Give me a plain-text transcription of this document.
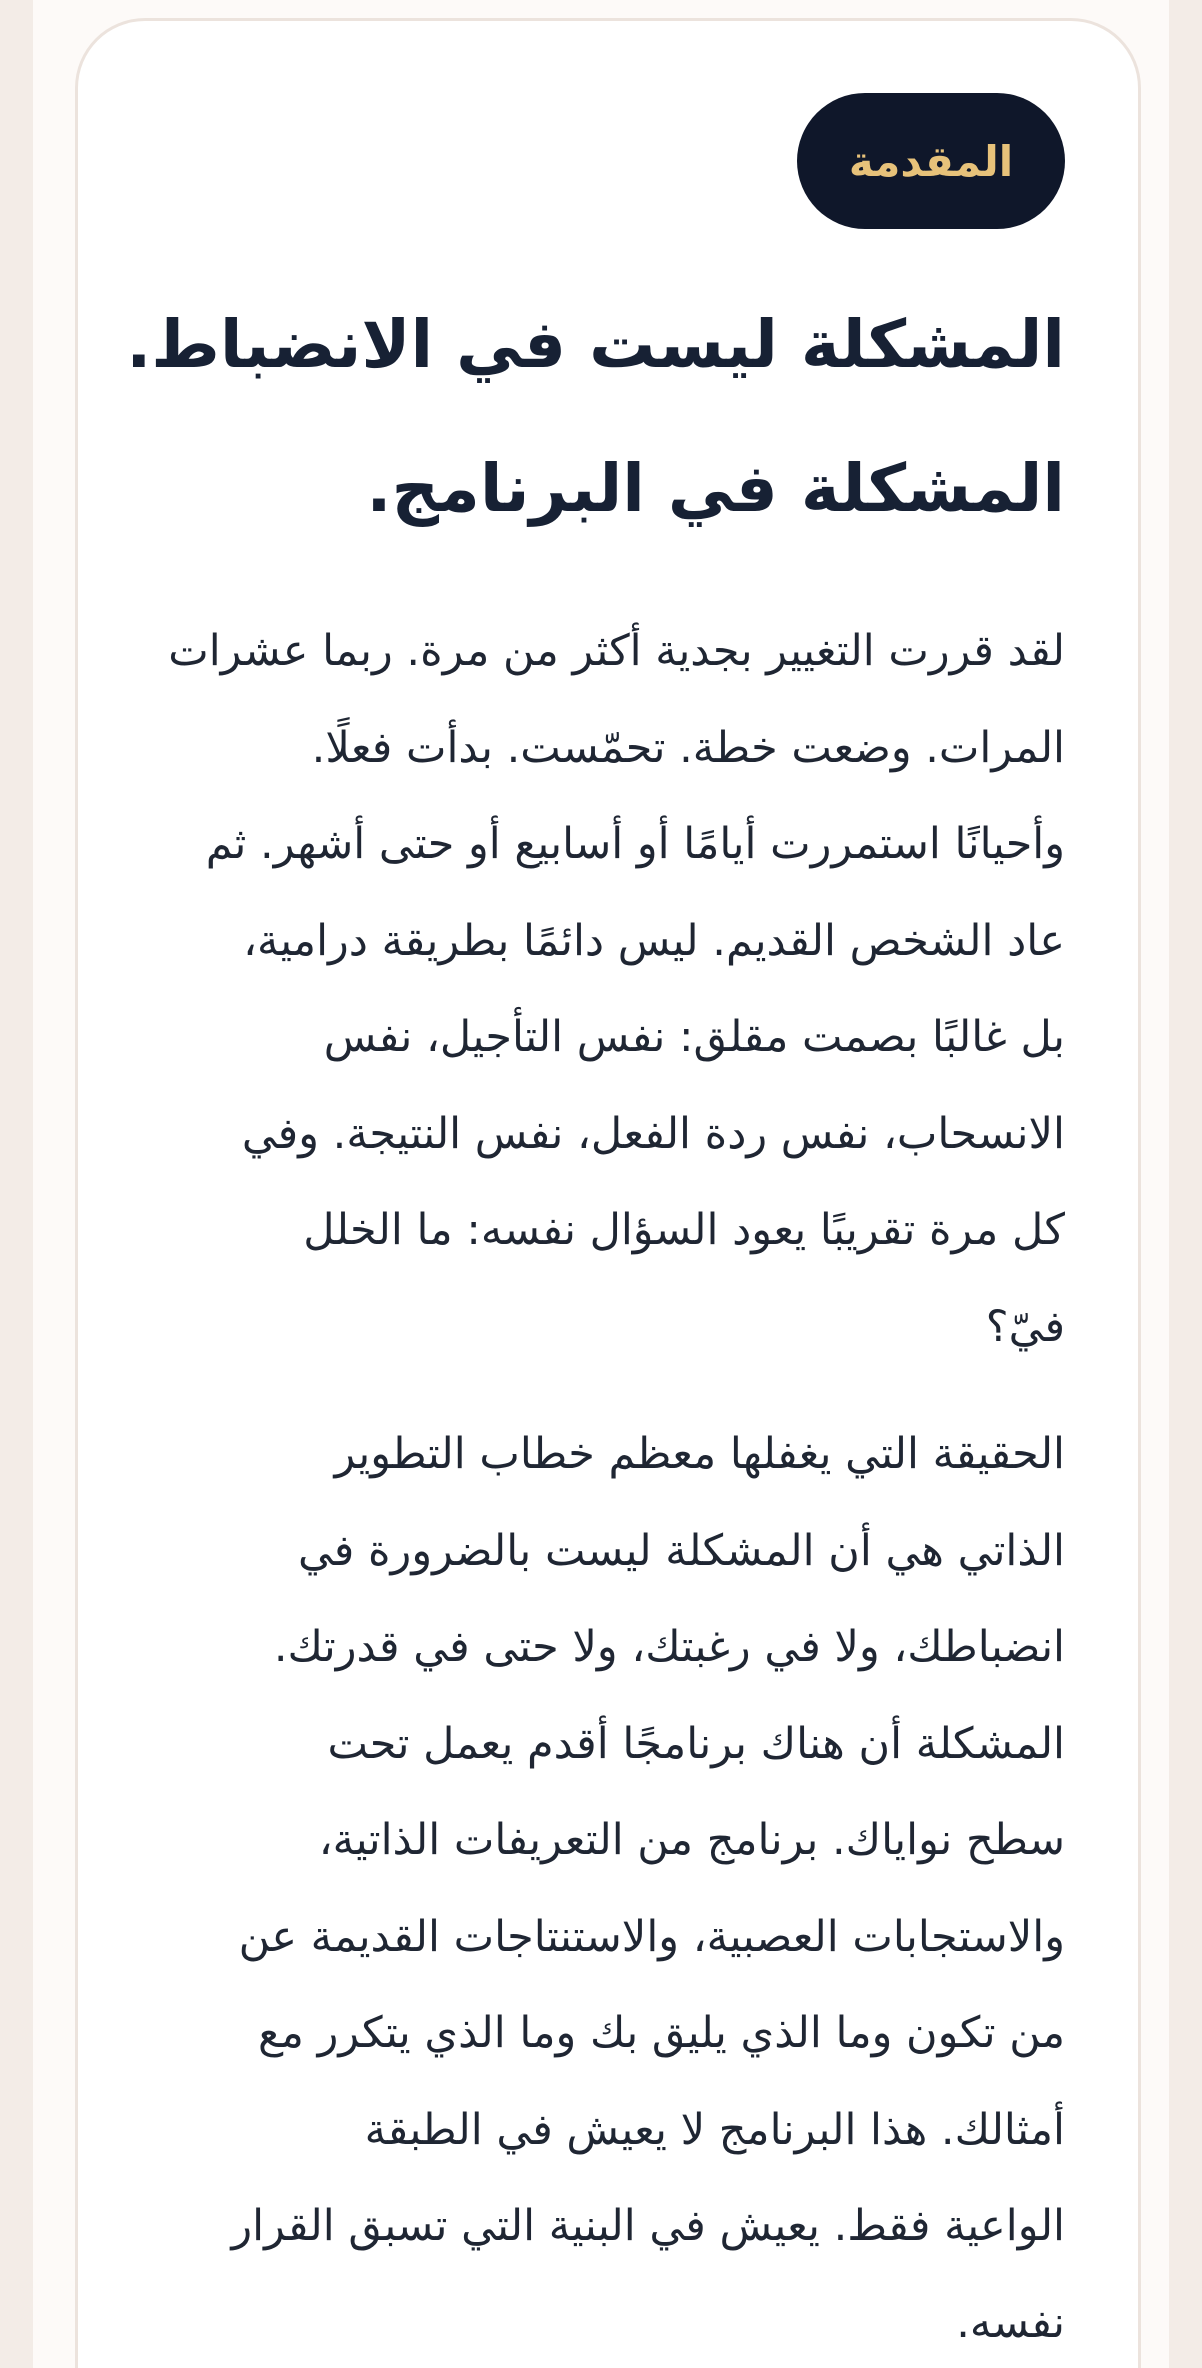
المقدمة
المشكلة ليست في الانضباط.
المشكلة في البرنامج.

لقد قررت التغيير بجدية أكثر من مرة. ربما عشرات
المرات. وضعت خطة. تحمّست. بدأت فعلًا.
وأحيانًا استمررت أيامًا أو أسابيع أو حتى أشهر. ثم
عاد الشخص القديم. ليس دائمًا بطريقة درامية،
بل غالبًا بصمت مقلق: نفس التأجيل، نفس
الانسحاب، نفس ردة الفعل، نفس النتيجة. وفي
كل مرة تقريبًا يعود السؤال نفسه: ما الخلل
فيّ؟

الحقيقة التي يغفلها معظم خطاب التطوير
الذاتي هي أن المشكلة ليست بالضرورة في
انضباطك، ولا في رغبتك، ولا حتى في قدرتك.
المشكلة أن هناك برنامجًا أقدم يعمل تحت
سطح نواياك. برنامج من التعريفات الذاتية،
والاستجابات العصبية، والاستنتاجات القديمة عن
من تكون وما الذي يليق بك وما الذي يتكرر مع
أمثالك. هذا البرنامج لا يعيش في الطبقة
الواعية فقط. يعيش في البنية التي تسبق القرار
نفسه.
